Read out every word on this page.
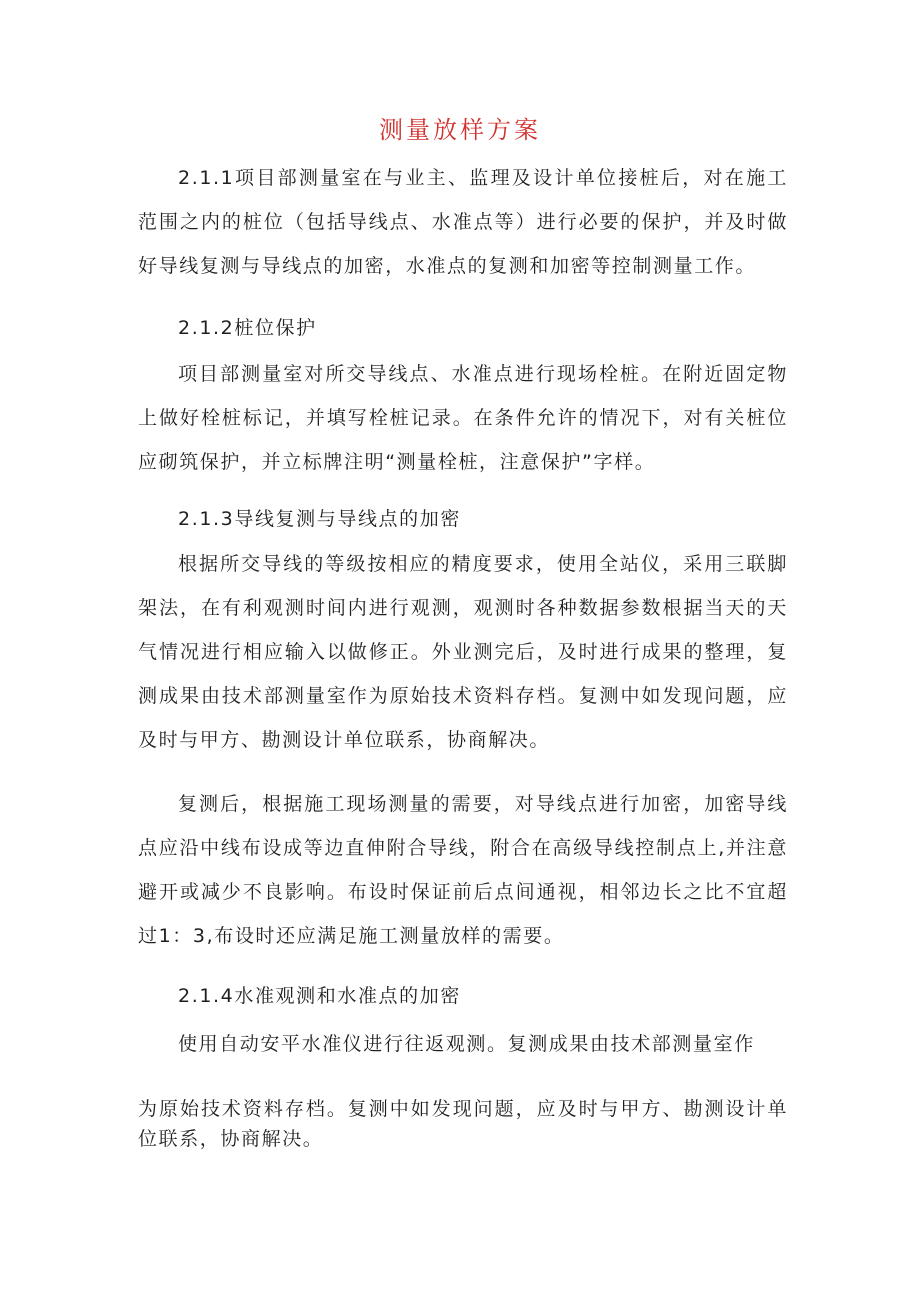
测量放样方案

2.1.1项目部测量室在与业主、监理及设计单位接桩后，对在施工范围之内的桩位（包括导线点、水准点等）进行必要的保护，并及时做好导线复测与导线点的加密，水准点的复测和加密等控制测量工作。

2.1.2桩位保护

项目部测量室对所交导线点、水准点进行现场栓桩。在附近固定物上做好栓桩标记，并填写栓桩记录。在条件允许的情况下，对有关桩位应砌筑保护，并立标牌注明“测量栓桩，注意保护”字样。

2.1.3导线复测与导线点的加密

根据所交导线的等级按相应的精度要求，使用全站仪，采用三联脚架法，在有利观测时间内进行观测，观测时各种数据参数根据当天的天气情况进行相应输入以做修正。外业测完后，及时进行成果的整理，复测成果由技术部测量室作为原始技术资料存档。复测中如发现问题，应及时与甲方、勘测设计单位联系，协商解决。

复测后，根据施工现场测量的需要，对导线点进行加密，加密导线点应沿中线布设成等边直伸附合导线，附合在高级导线控制点上,并注意避开或减少不良影响。布设时保证前后点间通视，相邻边长之比不宜超过1：3,布设时还应满足施工测量放样的需要。

2.1.4水准观测和水准点的加密

使用自动安平水准仪进行往返观测。复测成果由技术部测量室作

为原始技术资料存档。复测中如发现问题，应及时与甲方、勘测设计单位联系，协商解决。
